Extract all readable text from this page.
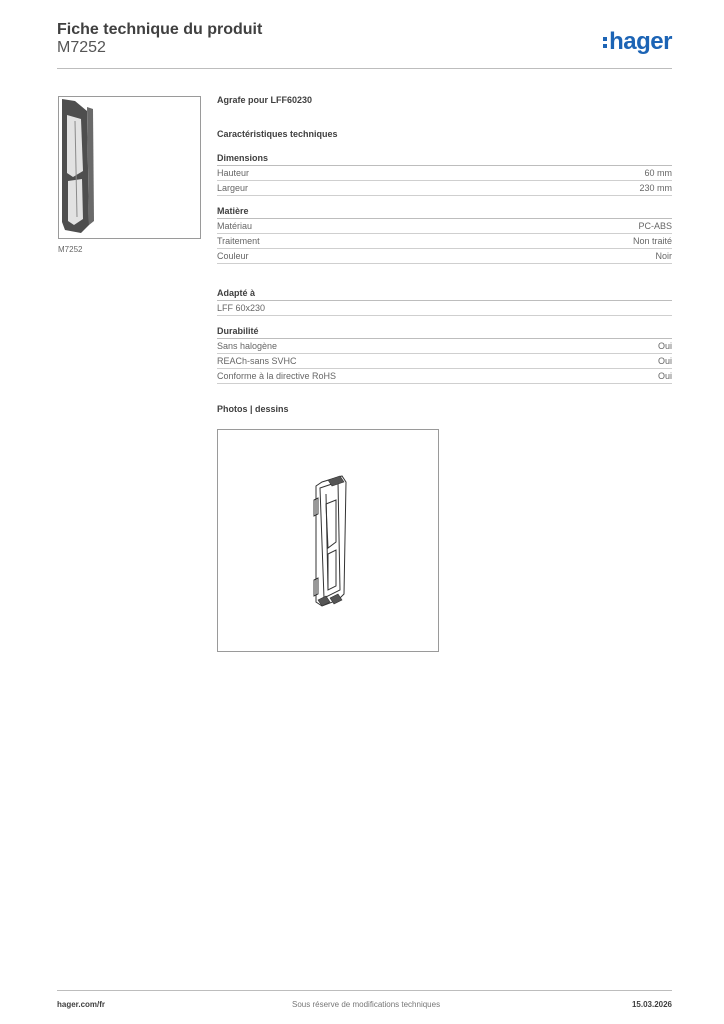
Fiche technique du produit
M7252	hager
M7252
Agrafe pour LFF60230
Caractéristiques techniques
Dimensions
Hauteur	60 mm
Largeur	230 mm
Matière
Matériau	PC-ABS
Traitement	Non traité
Couleur	Noir
Adapté à
LFF 60x230
Durabilité
Sans halogène	Oui
REACh-sans SVHC	Oui
Conforme à la directive RoHS	Oui
Photos | dessins
hager.com/fr	Sous réserve de modifications techniques	15.03.2026
